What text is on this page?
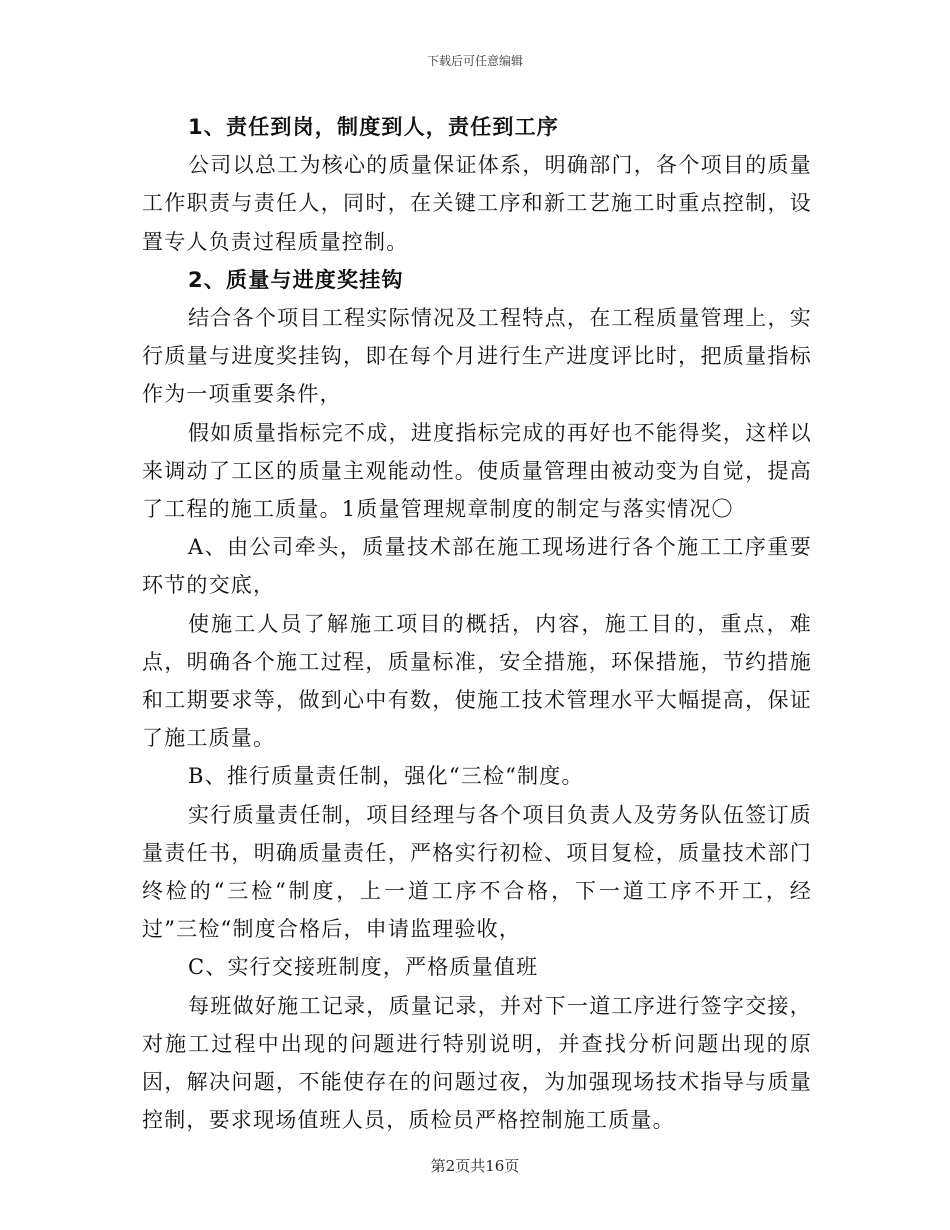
下载后可任意编辑

1、责任到岗，制度到人，责任到工序

公司以总工为核心的质量保证体系，明确部门，各个项目的质量工作职责与责任人，同时，在关键工序和新工艺施工时重点控制，设置专人负责过程质量控制。

2、质量与进度奖挂钩

结合各个项目工程实际情况及工程特点，在工程质量管理上，实行质量与进度奖挂钩，即在每个月进行生产进度评比时，把质量指标作为一项重要条件，

假如质量指标完不成，进度指标完成的再好也不能得奖，这样以来调动了工区的质量主观能动性。使质量管理由被动变为自觉，提高了工程的施工质量。1质量管理规章制度的制定与落实情况〇

A、由公司牵头，质量技术部在施工现场进行各个施工工序重要环节的交底，

使施工人员了解施工项目的概括，内容，施工目的，重点，难点，明确各个施工过程，质量标准，安全措施，环保措施，节约措施和工期要求等，做到心中有数，使施工技术管理水平大幅提高，保证了施工质量。

B、推行质量责任制，强化“三检“制度。

实行质量责任制，项目经理与各个项目负责人及劳务队伍签订质量责任书，明确质量责任，严格实行初检、项目复检，质量技术部门终检的“三检“制度，上一道工序不合格，下一道工序不开工，经过”三检“制度合格后，申请监理验收，

C、实行交接班制度，严格质量值班

每班做好施工记录，质量记录，并对下一道工序进行签字交接，对施工过程中出现的问题进行特别说明，并查找分析问题出现的原因，解决问题，不能使存在的问题过夜，为加强现场技术指导与质量控制，要求现场值班人员，质检员严格控制施工质量。

第2页共16页
